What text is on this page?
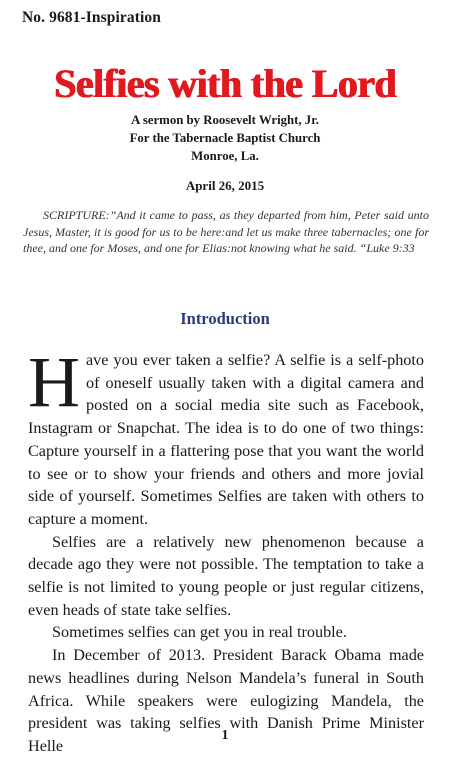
No. 9681-Inspiration
Selfies with the Lord
A sermon by Roosevelt Wright, Jr.
For the Tabernacle Baptist Church
Monroe, La.
April 26, 2015
SCRIPTURE:”And it came to pass, as they departed from him, Peter said unto Jesus, Master, it is good for us to be here:and let us make three tabernacles; one for thee, and one for Moses, and one for Elias:not knowing what he said. “Luke 9:33
Introduction

Have you ever taken a selfie? A selfie is a self-photo of oneself usually taken with a digital camera and posted on a social media site such as Facebook, Instagram or Snapchat. The idea is to do one of two things: Capture yourself in a flattering pose that you want the world to see or to show your friends and others and more jovial side of yourself. Sometimes Selfies are taken with others to capture a moment.

Selfies are a relatively new phenomenon because a decade ago they were not possible. The temptation to take a selfie is not limited to young people or just regular citizens, even heads of state take selfies.

Sometimes selfies can get you in real trouble.

In December of 2013. President Barack Obama made news headlines during Nelson Mandela’s funeral in South Africa. While speakers were eulogizing Mandela, the president was taking selfies with Danish Prime Minister Helle

1
